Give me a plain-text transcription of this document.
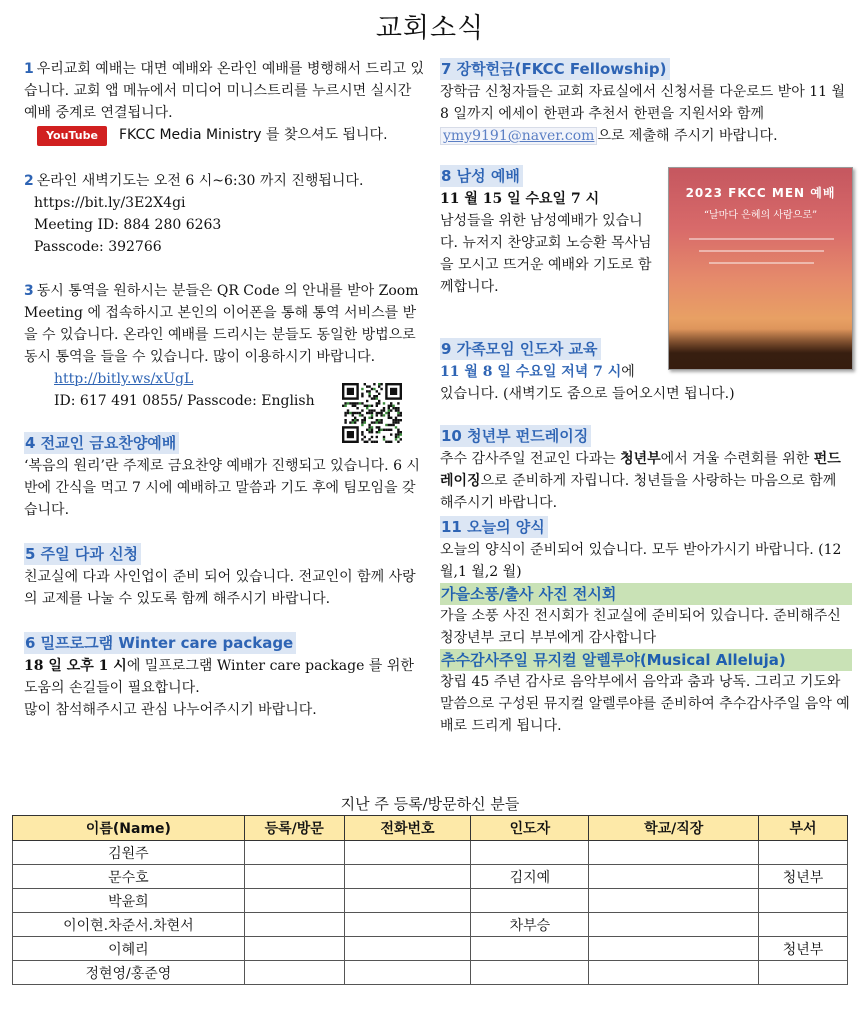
교회소식
1 우리교회 예배는 대면 예배와 온라인 예배를 병행해서 드리고 있습니다. 교회 앱 메뉴에서 미디어 미니스트리를 누르시면 실시간 예배 중계로 연결됩니다.
YouTube	FKCC Media Ministry 를 찾으셔도 됩니다.
2 온라인 새벽기도는 오전 6 시~6:30 까지 진행됩니다.
https://bit.ly/3E2X4gi
Meeting ID: 884 280 6263
Passcode: 392766
3 동시 통역을 원하시는 분들은 QR Code 의 안내를 받아 Zoom Meeting 에 접속하시고 본인의 이어폰을 통해 통역 서비스를 받을 수 있습니다. 온라인 예배를 드리시는 분들도 동일한 방법으로 동시 통역을 들을 수 있습니다. 많이 이용하시기 바랍니다.
http://bitly.ws/xUgL
ID: 617 491 0855/ Passcode: English
4 전교인 금요찬양예배
‘복음의 원리’란 주제로 금요찬양 예배가 진행되고 있습니다. 6 시반에 간식을 먹고 7 시에 예배하고 말씀과 기도 후에 팀모임을 갖습니다.
5 주일 다과 신청
친교실에 다과 사인업이 준비 되어 있습니다. 전교인이 함께 사랑의 교제를 나눌 수 있도록 함께 해주시기 바랍니다.
6 밀프로그램 Winter care package
18 일 오후 1 시에 밀프로그램 Winter care package 를 위한 도움의 손길들이 필요합니다.
많이 참석해주시고 관심 나누어주시기 바랍니다.
7 장학헌금(FKCC Fellowship)
장학금 신청자들은 교회 자료실에서 신청서를 다운로드 받아 11 월 8 일까지 에세이 한편과 추천서 한편을 지원서와 함께 ymy9191@naver.com 으로 제출해 주시기 바랍니다.
8 남성 예배
11 월 15 일 수요일 7 시
남성들을 위한 남성예배가 있습니다. 뉴저지 찬양교회 노승환 목사님을 모시고 뜨거운 예배와 기도로 함께합니다.
9 가족모임 인도자 교육
11 월 8 일 수요일 저녁 7 시에
있습니다. (새벽기도 줌으로 들어오시면 됩니다.)
10 청년부 펀드레이징
추수 감사주일 전교인 다과는 청년부에서 겨울 수련회를 위한 펀드레이징으로 준비하게 자립니다. 청년들을 사랑하는 마음으로 함께 해주시기 바랍니다.
11 오늘의 양식
오늘의 양식이 준비되어 있습니다. 모두 받아가시기 바랍니다. (12 월,1 월,2 월)
가을소풍/출사 사진 전시회
가을 소풍 사진 전시회가 친교실에 준비되어 있습니다. 준비해주신 청장년부 코디 부부에게 감사합니다
추수감사주일 뮤지컬 알렐루야(Musical Alleluja)
창립 45 주년 감사로 음악부에서 음악과 춤과 낭독. 그리고 기도와 말씀으로 구성된 뮤지컬 알렐루야를 준비하여 추수감사주일 음악 예배로 드리게 됩니다.
2023 FKCC MEN 예배
“날마다 은혜의 사람으로”
지난 주 등록/방문하신 분들
이름(Name)	등록/방문	전화번호	인도자	학교/직장	부서
김원주					
문수호			김지예		청년부
박윤희					
이이현.차준서.차현서			차부승		
이혜리					청년부
정현영/홍준영					
